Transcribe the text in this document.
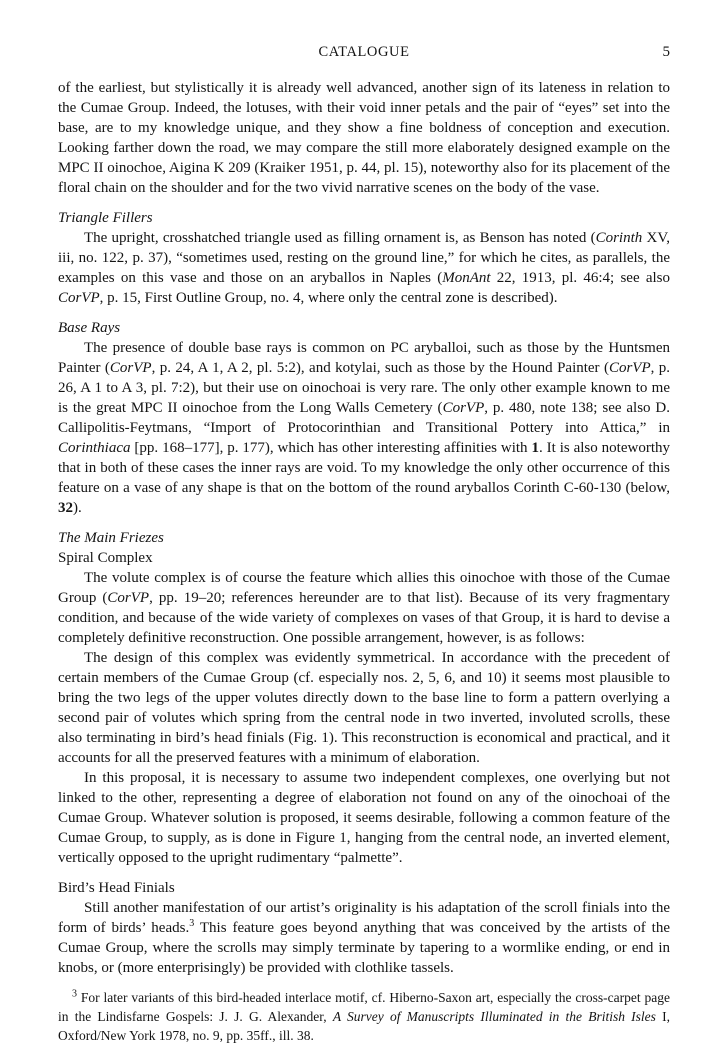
CATALOGUE	5

of the earliest, but stylistically it is already well advanced, another sign of its lateness in relation to the Cumae Group. Indeed, the lotuses, with their void inner petals and the pair of “eyes” set into the base, are to my knowledge unique, and they show a fine boldness of conception and execution. Looking farther down the road, we may compare the still more elaborately designed example on the MPC II oinochoe, Aigina K 209 (Kraiker 1951, p. 44, pl. 15), noteworthy also for its placement of the floral chain on the shoulder and for the two vivid narrative scenes on the body of the vase.

Triangle Fillers

The upright, crosshatched triangle used as filling ornament is, as Benson has noted (Corinth XV, iii, no. 122, p. 37), “sometimes used, resting on the ground line,” for which he cites, as parallels, the examples on this vase and those on an aryballos in Naples (MonAnt 22, 1913, pl. 46:4; see also CorVP, p. 15, First Outline Group, no. 4, where only the central zone is described).

Base Rays

The presence of double base rays is common on PC aryballoi, such as those by the Huntsmen Painter (CorVP, p. 24, A 1, A 2, pl. 5:2), and kotylai, such as those by the Hound Painter (CorVP, p. 26, A 1 to A 3, pl. 7:2), but their use on oinochoai is very rare. The only other example known to me is the great MPC II oinochoe from the Long Walls Cemetery (CorVP, p. 480, note 138; see also D. Callipolitis-Feytmans, “Import of Protocorinthian and Transitional Pottery into Attica,” in Corinthiaca [pp. 168–177], p. 177), which has other interesting affinities with 1. It is also noteworthy that in both of these cases the inner rays are void. To my knowledge the only other occurrence of this feature on a vase of any shape is that on the bottom of the round aryballos Corinth C-60-130 (below, 32).

The Main Friezes

Spiral Complex

The volute complex is of course the feature which allies this oinochoe with those of the Cumae Group (CorVP, pp. 19–20; references hereunder are to that list). Because of its very fragmentary condition, and because of the wide variety of complexes on vases of that Group, it is hard to devise a completely definitive reconstruction. One possible arrangement, however, is as follows:

The design of this complex was evidently symmetrical. In accordance with the precedent of certain members of the Cumae Group (cf. especially nos. 2, 5, 6, and 10) it seems most plausible to bring the two legs of the upper volutes directly down to the base line to form a pattern overlying a second pair of volutes which spring from the central node in two inverted, involuted scrolls, these also terminating in bird’s head finials (Fig. 1). This reconstruction is economical and practical, and it accounts for all the preserved features with a minimum of elaboration.

In this proposal, it is necessary to assume two independent complexes, one overlying but not linked to the other, representing a degree of elaboration not found on any of the oinochoai of the Cumae Group. Whatever solution is proposed, it seems desirable, following a common feature of the Cumae Group, to supply, as is done in Figure 1, hanging from the central node, an inverted element, vertically opposed to the upright rudimentary “palmette”.

Bird’s Head Finials

Still another manifestation of our artist’s originality is his adaptation of the scroll finials into the form of birds’ heads.$^3$ This feature goes beyond anything that was conceived by the artists of the Cumae Group, where the scrolls may simply terminate by tapering to a wormlike ending, or end in knobs, or (more enterprisingly) be provided with clothlike tassels.

$^3$ For later variants of this bird-headed interlace motif, cf. Hiberno-Saxon art, especially the cross-carpet page in the Lindisfarne Gospels: J. J. G. Alexander, A Survey of Manuscripts Illuminated in the British Isles I, Oxford/New York 1978, no. 9, pp. 35ff., ill. 38.
